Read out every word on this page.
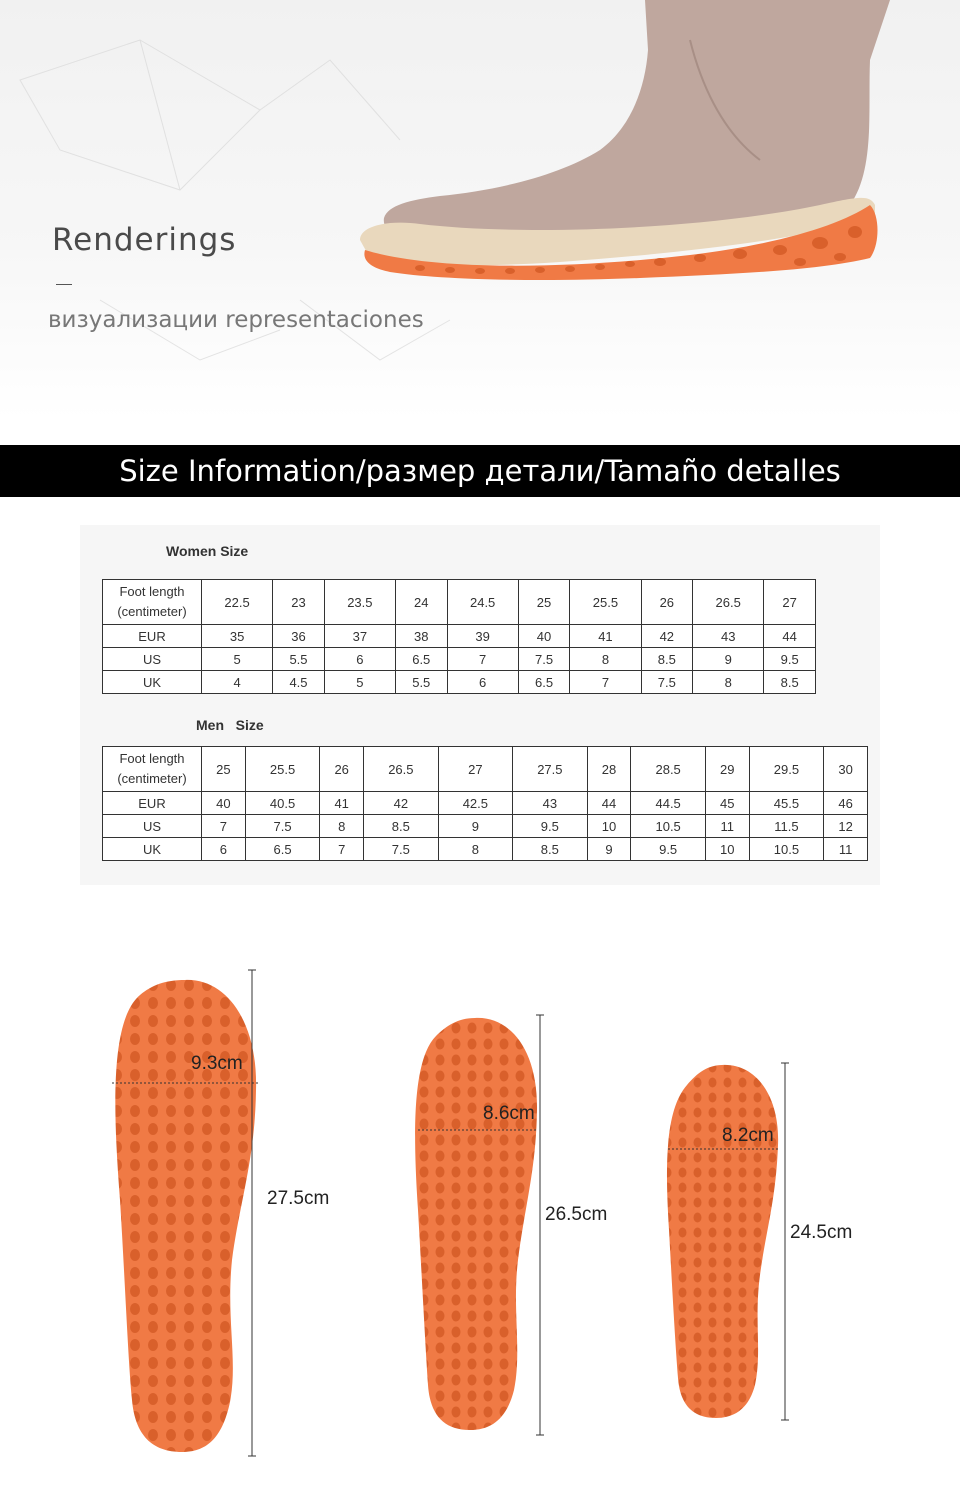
Renderings
визуализации representaciones
Size Information/размер детали/Tamaño detalles
Women Size
Foot length
(centimeter)	22.5	23	23.5	24	24.5	25	25.5	26	26.5	27
EUR	35	36	37	38	39	40	41	42	43	44
US	5	5.5	6	6.5	7	7.5	8	8.5	9	9.5
UK	4	4.5	5	5.5	6	6.5	7	7.5	8	8.5
Men   Size
Foot length
(centimeter)	25	25.5	26	26.5	27	27.5	28	28.5	29	29.5	30
EUR	40	40.5	41	42	42.5	43	44	44.5	45	45.5	46
US	7	7.5	8	8.5	9	9.5	10	10.5	11	11.5	12
UK	6	6.5	7	7.5	8	8.5	9	9.5	10	10.5	11
9.3cm
27.5cm
8.6cm
26.5cm
8.2cm
24.5cm
